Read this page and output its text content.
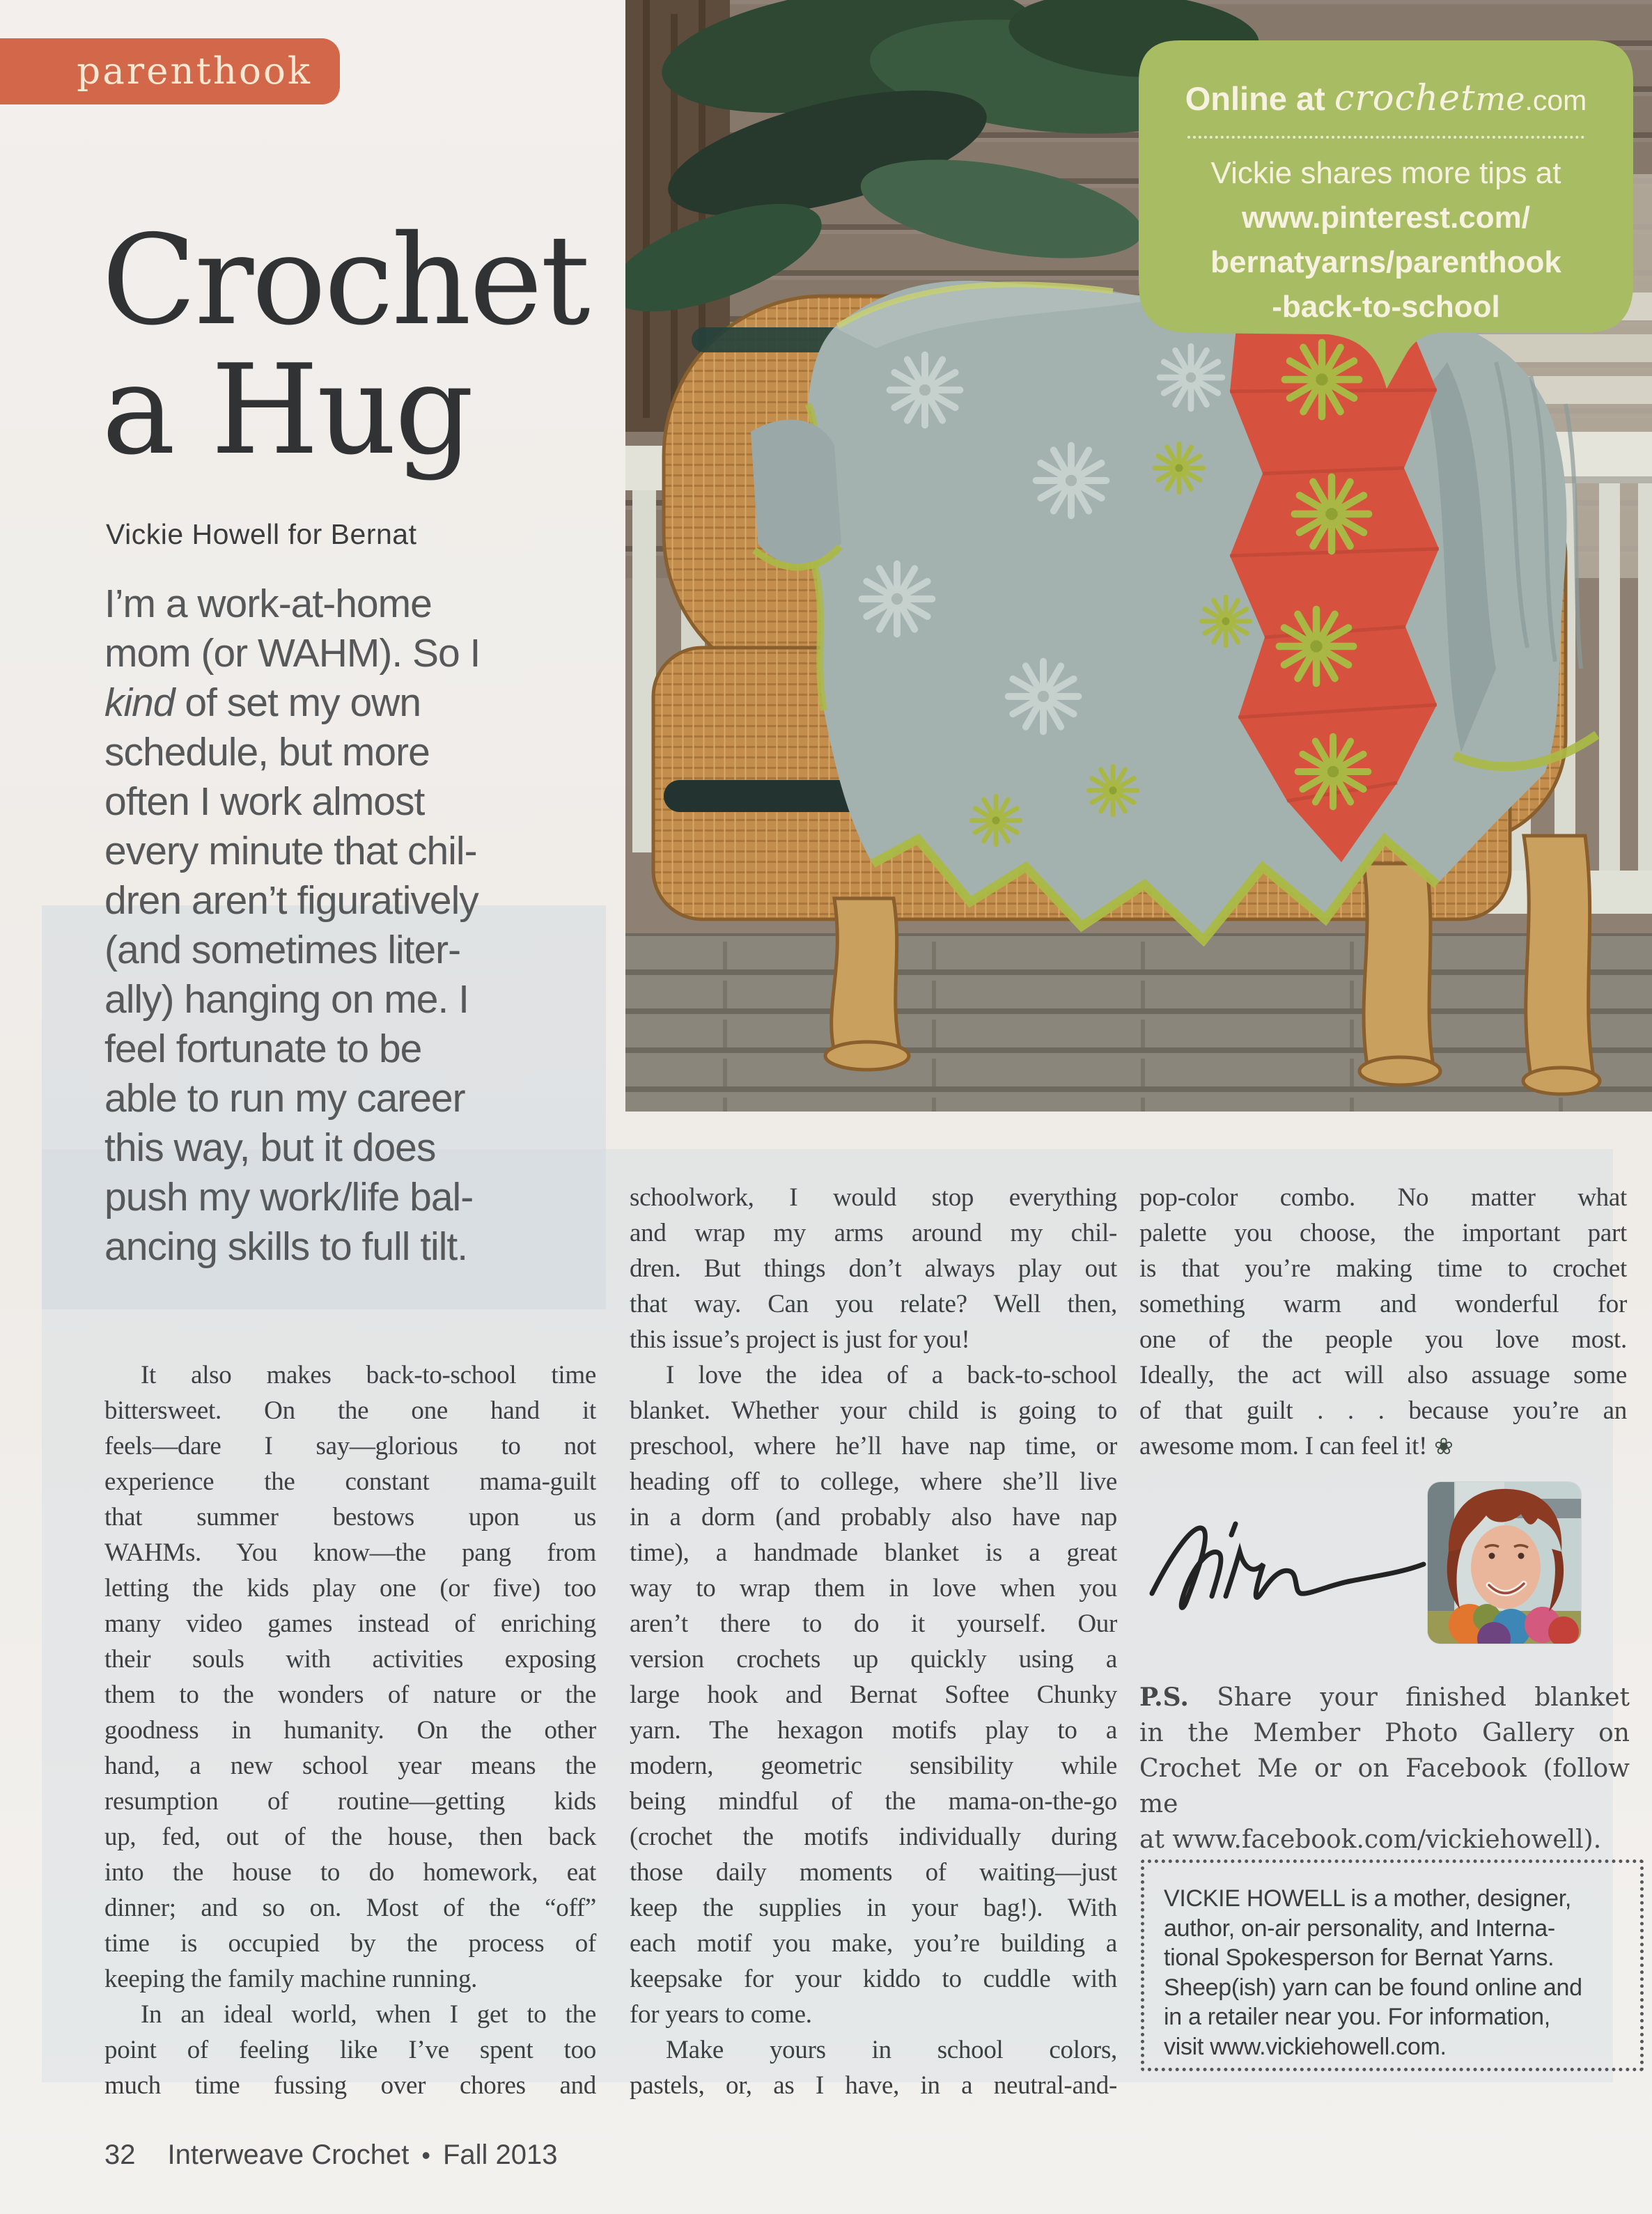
Online at crochetme.com
Vickie shares more tips at
www.pinterest.com/
bernatyarns/parenthook
-back-to-school
parenthook
Crochet
a Hug
Vickie Howell for Bernat
I’m a work-at-home
mom (or WAHM). So I
kind of set my own
schedule, but more
often I work almost
every minute that chil-
dren aren’t figuratively
(and sometimes liter-
ally) hanging on me. I
feel fortunate to be
able to run my career
this way, but it does
push my work/life bal-
ancing skills to full tilt.
It also makes back-to-school time
bittersweet. On the one hand it
feels—dare I say—glorious to not
experience the constant mama-guilt
that summer bestows upon us
WAHMs. You know—the pang from
letting the kids play one (or five) too
many video games instead of enriching
their souls with activities exposing
them to the wonders of nature or the
goodness in humanity. On the other
hand, a new school year means the
resumption of routine—getting kids
up, fed, out of the house, then back
into the house to do homework, eat
dinner; and so on. Most of the “off”
time is occupied by the process of
keeping the family machine running.
In an ideal world, when I get to the
point of feeling like I’ve spent too
much time fussing over chores and
schoolwork, I would stop everything
and wrap my arms around my chil-
dren. But things don’t always play out
that way. Can you relate? Well then,
this issue’s project is just for you!
I love the idea of a back-to-school
blanket. Whether your child is going to
preschool, where he’ll have nap time, or
heading off to college, where she’ll live
in a dorm (and probably also have nap
time), a handmade blanket is a great
way to wrap them in love when you
aren’t there to do it yourself. Our
version crochets up quickly using a
large hook and Bernat Softee Chunky
yarn. The hexagon motifs play to a
modern, geometric sensibility while
being mindful of the mama-on-the-go
(crochet the motifs individually during
those daily moments of waiting—just
keep the supplies in your bag!). With
each motif you make, you’re building a
keepsake for your kiddo to cuddle with
for years to come.
Make yours in school colors,
pastels, or, as I have, in a neutral-and-
pop-color combo. No matter what
palette you choose, the important part
is that you’re making time to crochet
something warm and wonderful for
one of the people you love most.
Ideally, the act will also assuage some
of that guilt . . . because you’re an
awesome mom. I can feel it! ❀
P.S. Share your finished blanket
in the Member Photo Gallery on
Crochet Me or on Facebook (follow me
at www.facebook.com/vickiehowell).
VICKIE HOWELL is a mother, designer,
author, on-air personality, and Interna-
tional Spokesperson for Bernat Yarns.
Sheep(ish) yarn can be found online and
in a retailer near you. For information,
visit www.vickiehowell.com.
32 Interweave Crochet • Fall 2013
